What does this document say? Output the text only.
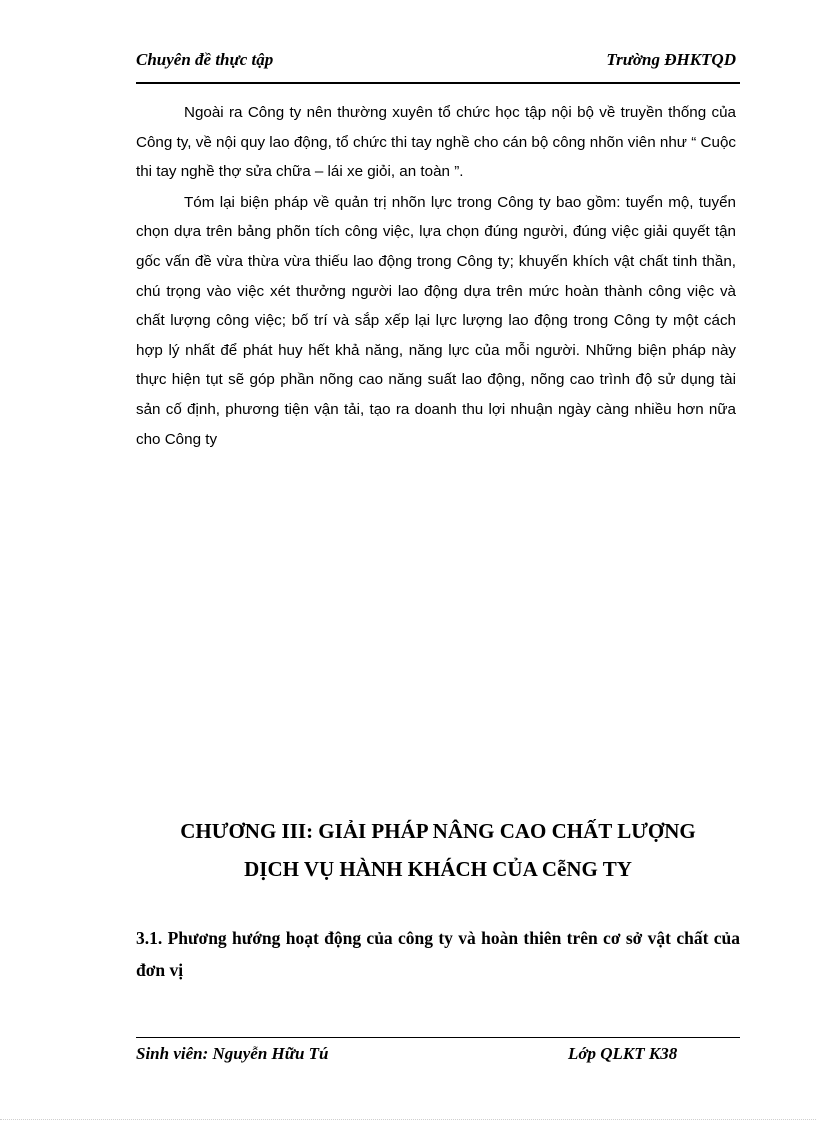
Chuyên đề thực tập	Trường ĐHKTQD

Ngoài ra Công ty nên thường xuyên tổ chức học tập nội bộ về truyền thống của Công ty, về nội quy lao động, tổ chức thi tay nghề cho cán bộ công nhõn viên như “ Cuộc thi tay nghề thợ sửa chữa – lái xe giỏi, an toàn ”.

Tóm lại biện pháp về quản trị nhõn lực trong Công ty bao gồm: tuyển mộ, tuyển chọn dựa trên bảng phõn tích công việc, lựa chọn đúng người, đúng việc giải quyết tận gốc vấn đề vừa thừa vừa thiếu lao động trong Công ty; khuyến khích vật chất tinh thần, chú trọng vào việc xét thưởng người lao động dựa trên mức hoàn thành công việc và chất lượng công việc; bố trí và sắp xếp lại lực lượng lao động trong Công ty một cách hợp lý nhất để phát huy hết khả năng, năng lực của mỗi người. Những biện pháp này thực hiện tụt sẽ góp phần nõng cao năng suất lao động, nõng cao trình độ sử dụng tài sản cố định, phương tiện vận tải, tạo ra doanh thu lợi nhuận ngày càng nhiều hơn nữa cho Công ty

CHƯƠNG III: GIẢI PHÁP NÂNG CAO CHẤT LƯỢNG
DỊCH VỤ HÀNH KHÁCH CỦA CễNG TY
3.1. Phương hướng hoạt động của công ty và hoàn thiên trên cơ sở vật chất của đơn vị
Sinh viên: Nguyễn Hữu Tú	Lớp QLKT K38
